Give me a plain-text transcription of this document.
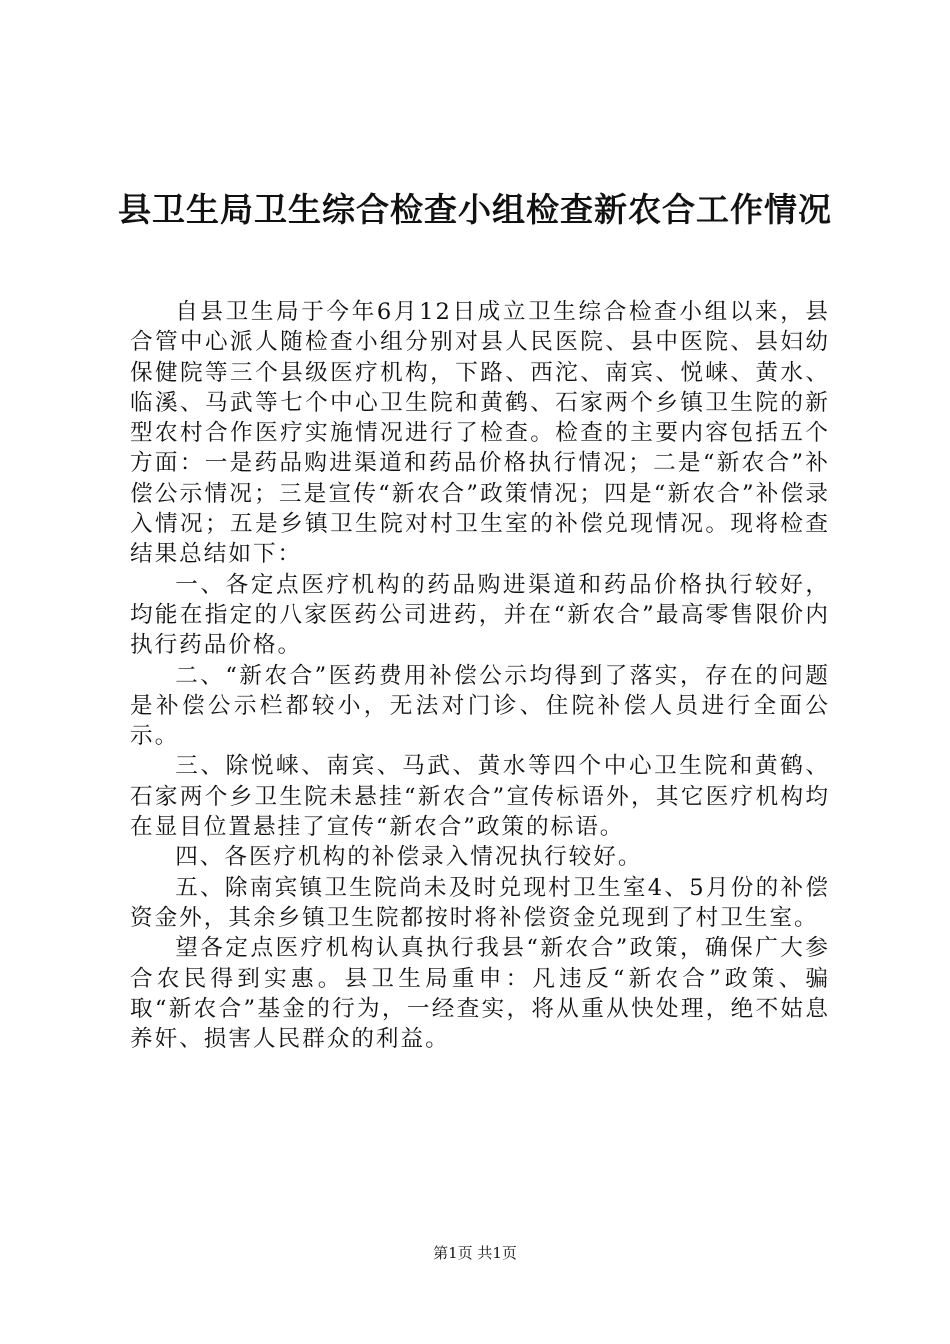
县卫生局卫生综合检查小组检查新农合工作情况

自县卫生局于今年6月12日成立卫生综合检查小组以来，县合管中心派人随检查小组分别对县人民医院、县中医院、县妇幼保健院等三个县级医疗机构，下路、西沱、南宾、悦崃、黄水、临溪、马武等七个中心卫生院和黄鹤、石家两个乡镇卫生院的新型农村合作医疗实施情况进行了检查。检查的主要内容包括五个方面：一是药品购进渠道和药品价格执行情况；二是“新农合”补偿公示情况；三是宣传“新农合”政策情况；四是“新农合”补偿录入情况；五是乡镇卫生院对村卫生室的补偿兑现情况。现将检查结果总结如下：

一、各定点医疗机构的药品购进渠道和药品价格执行较好，均能在指定的八家医药公司进药，并在“新农合”最高零售限价内执行药品价格。

二、“新农合”医药费用补偿公示均得到了落实，存在的问题是补偿公示栏都较小，无法对门诊、住院补偿人员进行全面公示。

三、除悦崃、南宾、马武、黄水等四个中心卫生院和黄鹤、石家两个乡卫生院未悬挂“新农合”宣传标语外，其它医疗机构均在显目位置悬挂了宣传“新农合”政策的标语。

四、各医疗机构的补偿录入情况执行较好。

五、除南宾镇卫生院尚未及时兑现村卫生室4、5月份的补偿资金外，其余乡镇卫生院都按时将补偿资金兑现到了村卫生室。

望各定点医疗机构认真执行我县“新农合”政策，确保广大参合农民得到实惠。县卫生局重申：凡违反“新农合”政策、骗取“新农合”基金的行为，一经查实，将从重从快处理，绝不姑息养奸、损害人民群众的利益。

第1页 共1页
